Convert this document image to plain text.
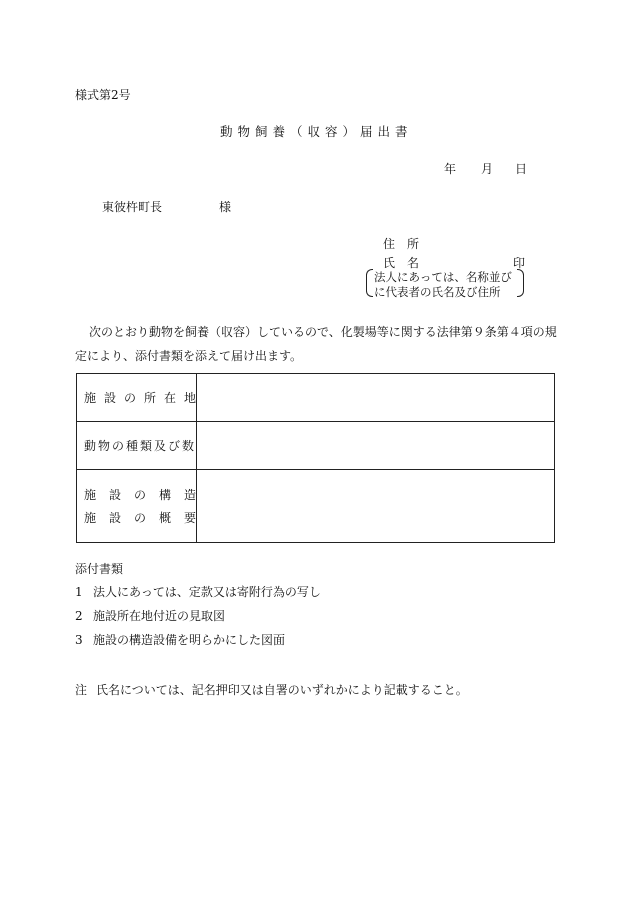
様式第2号
動物飼養（収容）届出書
年 月 日
東彼杵町長	様
住所
氏名	印
法人にあっては、名称並び
に代表者の氏名及び住所
次のとおり動物を飼養（収容）しているので、化製場等に関する法律第９条第４項の規定により、添付書類を添えて届け出ます。
施設の所在地
動物の種類及び数
施設の構造
施設の概要
添付書類
1 法人にあっては、定款又は寄附行為の写し
2 施設所在地付近の見取図
3 施設の構造設備を明らかにした図面
注 氏名については、記名押印又は自署のいずれかにより記載すること。
